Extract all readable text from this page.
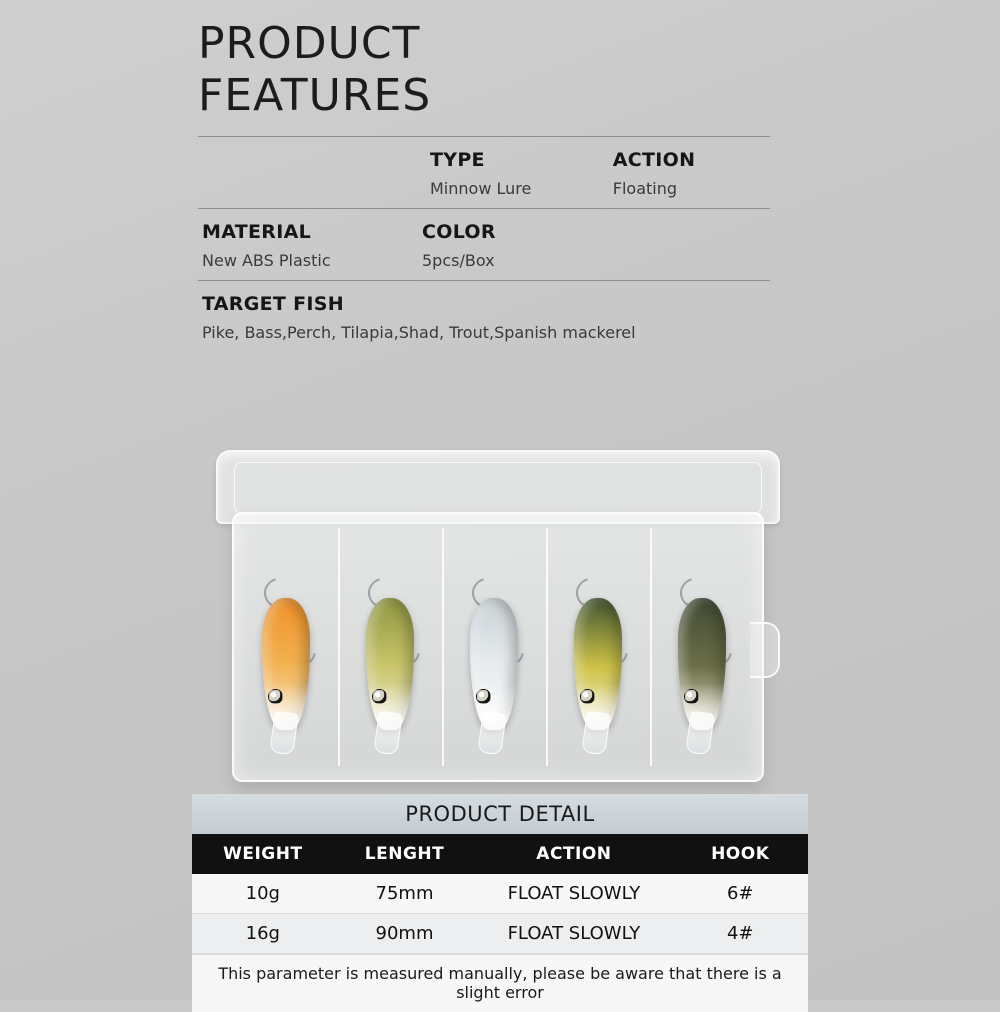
PRODUCT
FEATURES
TYPE
Minnow Lure
ACTION
Floating
MATERIAL
New ABS Plastic
COLOR
5pcs/Box
TARGET FISH
Pike, Bass,Perch, Tilapia,Shad, Trout,Spanish mackerel
PRODUCT DETAIL
WEIGHT	LENGHT	ACTION	HOOK
10g	75mm	FLOAT SLOWLY	6#
16g	90mm	FLOAT SLOWLY	4#
This parameter is measured manually, please be aware that there is a slight error
